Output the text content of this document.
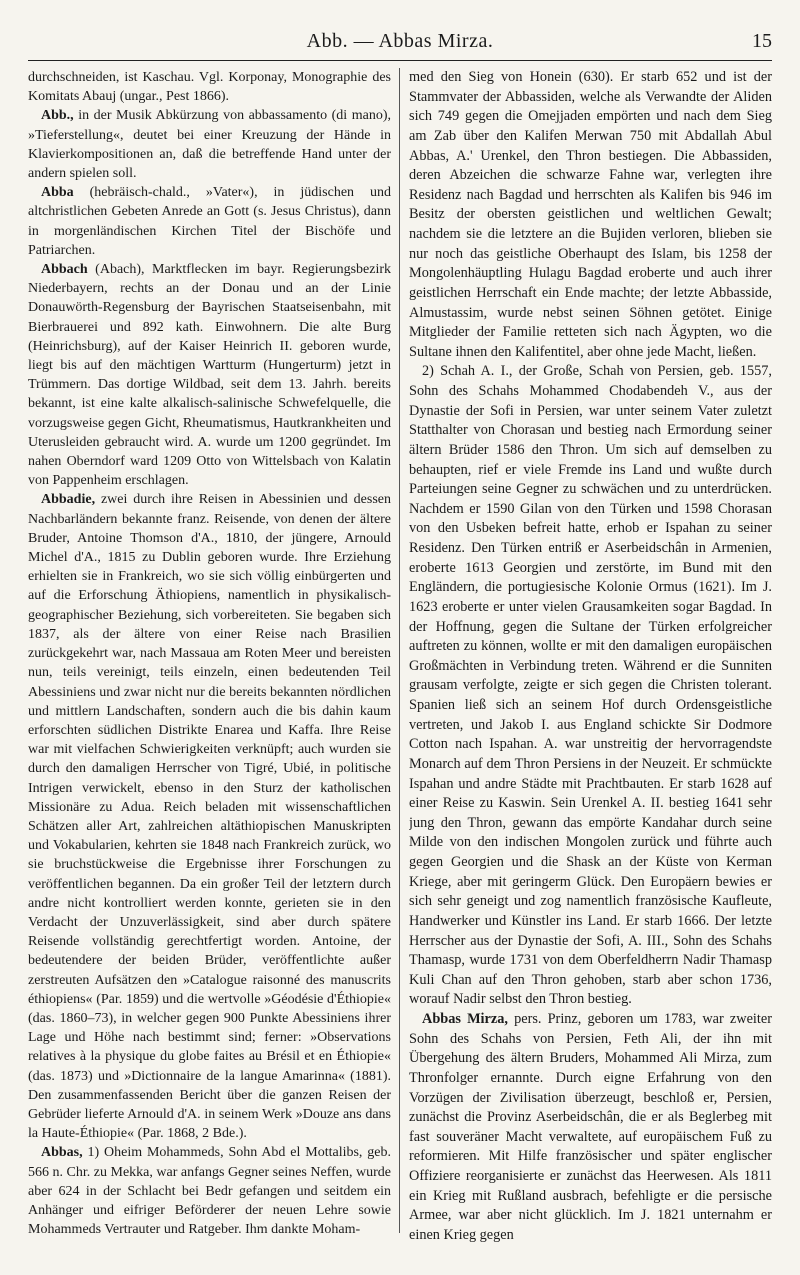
Abb. — Abbas Mirza.	15

durchschneiden, ist Kaschau. Vgl. Korponay, Monographie des Komitats Abauj (ungar., Pest 1866).

Abb., in der Musik Abkürzung von abbassamento (di mano), »Tieferstellung«, deutet bei einer Kreuzung der Hände in Klavierkompositionen an, daß die betreffende Hand unter der andern spielen soll.

Abba (hebräisch-chald., »Vater«), in jüdischen und altchristlichen Gebeten Anrede an Gott (s. Jesus Christus), dann in morgenländischen Kirchen Titel der Bischöfe und Patriarchen.

Abbach (Abach), Marktflecken im bayr. Regierungsbezirk Niederbayern, rechts an der Donau und an der Linie Donauwörth-Regensburg der Bayrischen Staatseisenbahn, mit Bierbrauerei und 892 kath. Einwohnern. Die alte Burg (Heinrichsburg), auf der Kaiser Heinrich II. geboren wurde, liegt bis auf den mächtigen Wartturm (Hungerturm) jetzt in Trümmern. Das dortige Wildbad, seit dem 13. Jahrh. bereits bekannt, ist eine kalte alkalisch-salinische Schwefelquelle, die vorzugsweise gegen Gicht, Rheumatismus, Hautkrankheiten und Uterusleiden gebraucht wird. A. wurde um 1200 gegründet. Im nahen Oberndorf ward 1209 Otto von Wittelsbach von Kalatin von Pappenheim erschlagen.

Abbadie, zwei durch ihre Reisen in Abessinien und dessen Nachbarländern bekannte franz. Reisende, von denen der ältere Bruder, Antoine Thomson d'A., 1810, der jüngere, Arnould Michel d'A., 1815 zu Dublin geboren wurde. Ihre Erziehung erhielten sie in Frankreich, wo sie sich völlig einbürgerten und auf die Erforschung Äthiopiens, namentlich in physikalisch-geographischer Beziehung, sich vorbereiteten. Sie begaben sich 1837, als der ältere von einer Reise nach Brasilien zurückgekehrt war, nach Massaua am Roten Meer und bereisten nun, teils vereinigt, teils einzeln, einen bedeutenden Teil Abessiniens und zwar nicht nur die bereits bekannten nördlichen und mittlern Landschaften, sondern auch die bis dahin kaum erforschten südlichen Distrikte Enarea und Kaffa. Ihre Reise war mit vielfachen Schwierigkeiten verknüpft; auch wurden sie durch den damaligen Herrscher von Tigré, Ubié, in politische Intrigen verwickelt, ebenso in den Sturz der katholischen Missionäre zu Adua. Reich beladen mit wissenschaftlichen Schätzen aller Art, zahlreichen altäthiopischen Manuskripten und Vokabularien, kehrten sie 1848 nach Frankreich zurück, wo sie bruchstückweise die Ergebnisse ihrer Forschungen zu veröffentlichen begannen. Da ein großer Teil der letztern durch andre nicht kontrolliert werden konnte, gerieten sie in den Verdacht der Unzuverlässigkeit, sind aber durch spätere Reisende vollständig gerechtfertigt worden. Antoine, der bedeutendere der beiden Brüder, veröffentlichte außer zerstreuten Aufsätzen den »Catalogue raisonné des manuscrits éthiopiens« (Par. 1859) und die wertvolle »Géodésie d'Éthiopie« (das. 1860–73), in welcher gegen 900 Punkte Abessiniens ihrer Lage und Höhe nach bestimmt sind; ferner: »Observations relatives à la physique du globe faites au Brésil et en Éthiopie« (das. 1873) und »Dictionnaire de la langue Amarinna« (1881). Den zusammenfassenden Bericht über die ganzen Reisen der Gebrüder lieferte Arnould d'A. in seinem Werk »Douze ans dans la Haute-Éthiopie« (Par. 1868, 2 Bde.).

Abbas, 1) Oheim Mohammeds, Sohn Abd el Mottalibs, geb. 566 n. Chr. zu Mekka, war anfangs Gegner seines Neffen, wurde aber 624 in der Schlacht bei Bedr gefangen und seitdem ein Anhänger und eifriger Beförderer der neuen Lehre sowie Mohammeds Vertrauter und Ratgeber. Ihm dankte Moham-

med den Sieg von Honein (630). Er starb 652 und ist der Stammvater der Abbassiden, welche als Verwandte der Aliden sich 749 gegen die Omejjaden empörten und nach dem Sieg am Zab über den Kalifen Merwan 750 mit Abdallah Abul Abbas, A.' Urenkel, den Thron bestiegen. Die Abbassiden, deren Abzeichen die schwarze Fahne war, verlegten ihre Residenz nach Bagdad und herrschten als Kalifen bis 946 im Besitz der obersten geistlichen und weltlichen Gewalt; nachdem sie die letztere an die Bujiden verloren, blieben sie nur noch das geistliche Oberhaupt des Islam, bis 1258 der Mongolenhäuptling Hulagu Bagdad eroberte und auch ihrer geistlichen Herrschaft ein Ende machte; der letzte Abbasside, Almustassim, wurde nebst seinen Söhnen getötet. Einige Mitglieder der Familie retteten sich nach Ägypten, wo die Sultane ihnen den Kalifentitel, aber ohne jede Macht, ließen.

2) Schah A. I., der Große, Schah von Persien, geb. 1557, Sohn des Schahs Mohammed Chodabendeh V., aus der Dynastie der Sofi in Persien, war unter seinem Vater zuletzt Statthalter von Chorasan und bestieg nach Ermordung seiner ältern Brüder 1586 den Thron. Um sich auf demselben zu behaupten, rief er viele Fremde ins Land und wußte durch Parteiungen seine Gegner zu schwächen und zu unterdrücken. Nachdem er 1590 Gilan von den Türken und 1598 Chorasan von den Usbeken befreit hatte, erhob er Ispahan zu seiner Residenz. Den Türken entriß er Aserbeidschân in Armenien, eroberte 1613 Georgien und zerstörte, im Bund mit den Engländern, die portugiesische Kolonie Ormus (1621). Im J. 1623 eroberte er unter vielen Grausamkeiten sogar Bagdad. In der Hoffnung, gegen die Sultane der Türken erfolgreicher auftreten zu können, wollte er mit den damaligen europäischen Großmächten in Verbindung treten. Während er die Sunniten grausam verfolgte, zeigte er sich gegen die Christen tolerant. Spanien ließ sich an seinem Hof durch Ordensgeistliche vertreten, und Jakob I. aus England schickte Sir Dodmore Cotton nach Ispahan. A. war unstreitig der hervorragendste Monarch auf dem Thron Persiens in der Neuzeit. Er schmückte Ispahan und andre Städte mit Prachtbauten. Er starb 1628 auf einer Reise zu Kaswin. Sein Urenkel A. II. bestieg 1641 sehr jung den Thron, gewann das empörte Kandahar durch seine Milde von den indischen Mongolen zurück und führte auch gegen Georgien und die Shask an der Küste von Kerman Kriege, aber mit geringerm Glück. Den Europäern bewies er sich sehr geneigt und zog namentlich französische Kaufleute, Handwerker und Künstler ins Land. Er starb 1666. Der letzte Herrscher aus der Dynastie der Sofi, A. III., Sohn des Schahs Thamasp, wurde 1731 von dem Oberfeldherrn Nadir Thamasp Kuli Chan auf den Thron gehoben, starb aber schon 1736, worauf Nadir selbst den Thron bestieg.

Abbas Mirza, pers. Prinz, geboren um 1783, war zweiter Sohn des Schahs von Persien, Feth Ali, der ihn mit Übergehung des ältern Bruders, Mohammed Ali Mirza, zum Thronfolger ernannte. Durch eigne Erfahrung von den Vorzügen der Zivilisation überzeugt, beschloß er, Persien, zunächst die Provinz Aserbeidschân, die er als Beglerbeg mit fast souveräner Macht verwaltete, auf europäischem Fuß zu reformieren. Mit Hilfe französischer und später englischer Offiziere reorganisierte er zunächst das Heerwesen. Als 1811 ein Krieg mit Rußland ausbrach, befehligte er die persische Armee, war aber nicht glücklich. Im J. 1821 unternahm er einen Krieg gegen
